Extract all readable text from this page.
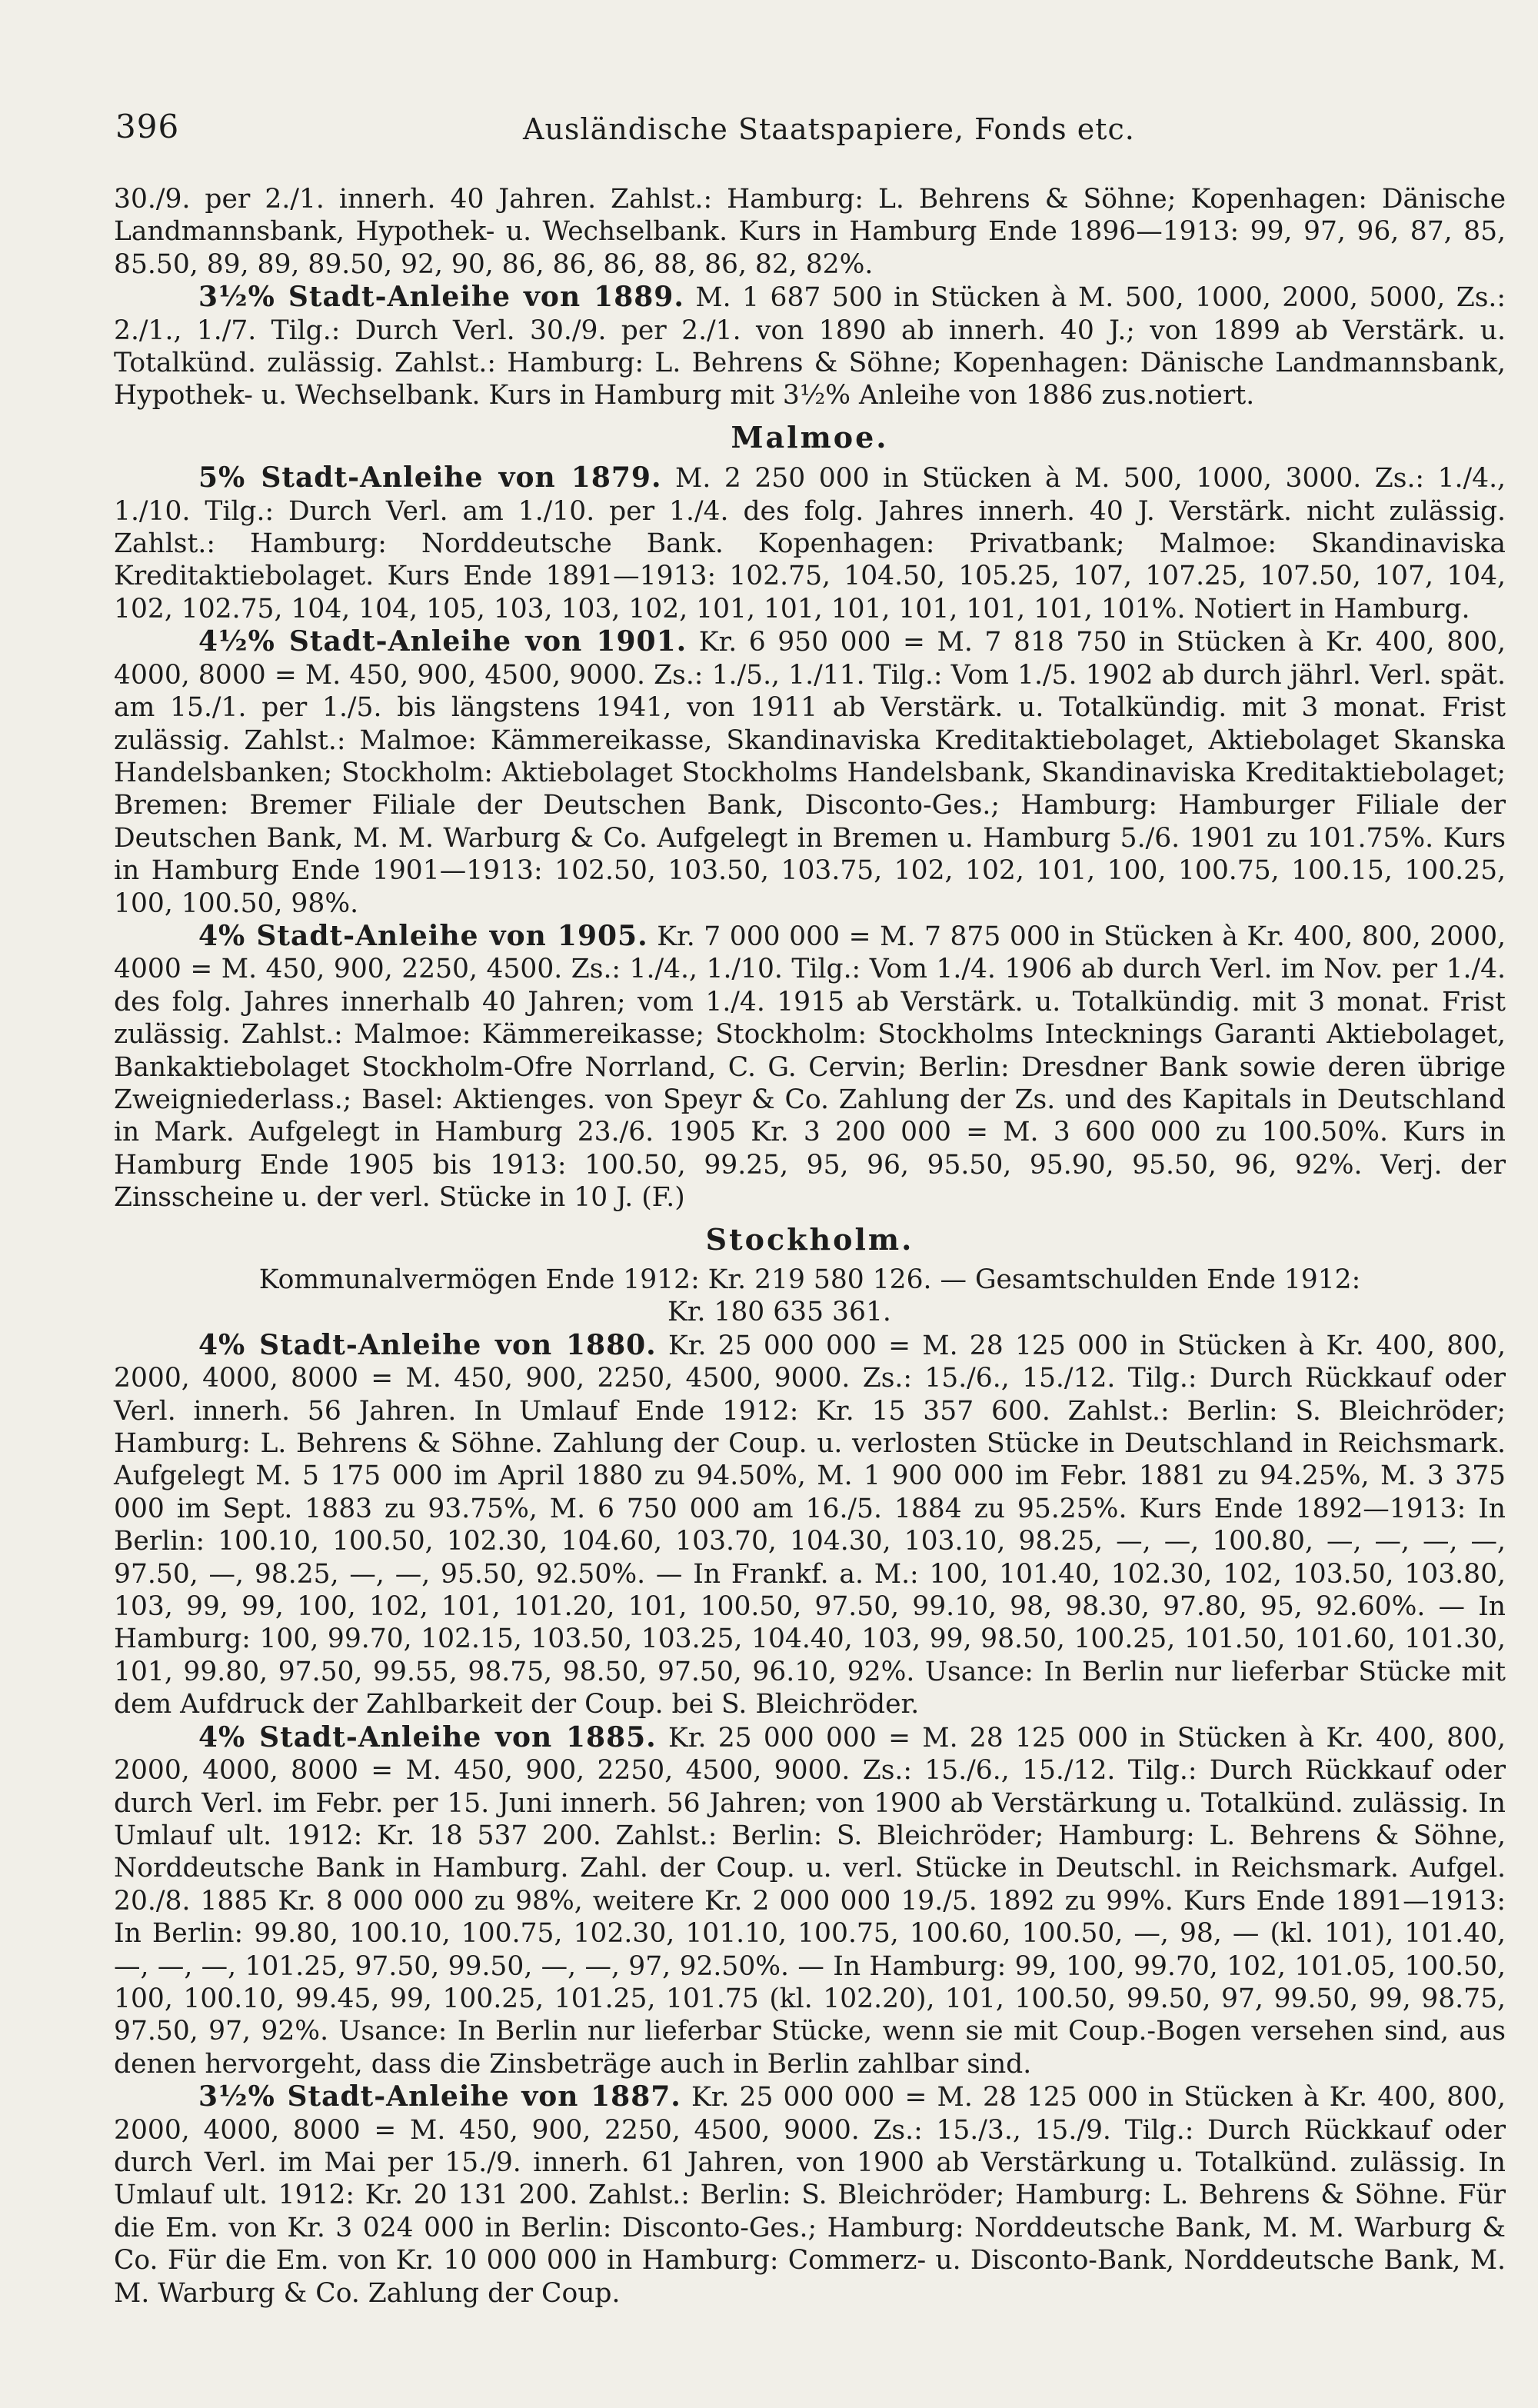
396	Ausländische Staatspapiere, Fonds etc.

30./9. per 2./1. innerh. 40 Jahren. Zahlst.: Hamburg: L. Behrens & Söhne; Kopenhagen: Dänische Landmannsbank, Hypothek- u. Wechselbank. Kurs in Hamburg Ende 1896—1913: 99, 97, 96, 87, 85, 85.50, 89, 89, 89.50, 92, 90, 86, 86, 86, 88, 86, 82, 82%.

3½% Stadt-Anleihe von 1889. M. 1 687 500 in Stücken à M. 500, 1000, 2000, 5000, Zs.: 2./1., 1./7. Tilg.: Durch Verl. 30./9. per 2./1. von 1890 ab innerh. 40 J.; von 1899 ab Verstärk. u. Totalkünd. zulässig. Zahlst.: Hamburg: L. Behrens & Söhne; Kopenhagen: Dänische Landmannsbank, Hypothek- u. Wechselbank. Kurs in Hamburg mit 3½% Anleihe von 1886 zus.notiert.

Malmoe.

5% Stadt-Anleihe von 1879. M. 2 250 000 in Stücken à M. 500, 1000, 3000. Zs.: 1./4., 1./10. Tilg.: Durch Verl. am 1./10. per 1./4. des folg. Jahres innerh. 40 J. Verstärk. nicht zulässig. Zahlst.: Hamburg: Norddeutsche Bank. Kopenhagen: Privatbank; Malmoe: Skandinaviska Kreditaktiebolaget. Kurs Ende 1891—1913: 102.75, 104.50, 105.25, 107, 107.25, 107.50, 107, 104, 102, 102.75, 104, 104, 105, 103, 103, 102, 101, 101, 101, 101, 101, 101, 101%. Notiert in Hamburg.

4½% Stadt-Anleihe von 1901. Kr. 6 950 000 = M. 7 818 750 in Stücken à Kr. 400, 800, 4000, 8000 = M. 450, 900, 4500, 9000. Zs.: 1./5., 1./11. Tilg.: Vom 1./5. 1902 ab durch jährl. Verl. spät. am 15./1. per 1./5. bis längstens 1941, von 1911 ab Verstärk. u. Totalkündig. mit 3 monat. Frist zulässig. Zahlst.: Malmoe: Kämmereikasse, Skandinaviska Kreditaktiebolaget, Aktiebolaget Skanska Handelsbanken; Stockholm: Aktiebolaget Stockholms Handelsbank, Skandinaviska Kreditaktiebolaget; Bremen: Bremer Filiale der Deutschen Bank, Disconto-Ges.; Hamburg: Hamburger Filiale der Deutschen Bank, M. M. Warburg & Co. Aufgelegt in Bremen u. Hamburg 5./6. 1901 zu 101.75%. Kurs in Hamburg Ende 1901—1913: 102.50, 103.50, 103.75, 102, 102, 101, 100, 100.75, 100.15, 100.25, 100, 100.50, 98%.

4% Stadt-Anleihe von 1905. Kr. 7 000 000 = M. 7 875 000 in Stücken à Kr. 400, 800, 2000, 4000 = M. 450, 900, 2250, 4500. Zs.: 1./4., 1./10. Tilg.: Vom 1./4. 1906 ab durch Verl. im Nov. per 1./4. des folg. Jahres innerhalb 40 Jahren; vom 1./4. 1915 ab Verstärk. u. Totalkündig. mit 3 monat. Frist zulässig. Zahlst.: Malmoe: Kämmereikasse; Stockholm: Stockholms Intecknings Garanti Aktiebolaget, Bankaktiebolaget Stockholm-Ofre Norrland, C. G. Cervin; Berlin: Dresdner Bank sowie deren übrige Zweigniederlass.; Basel: Aktienges. von Speyr & Co. Zahlung der Zs. und des Kapitals in Deutschland in Mark. Aufgelegt in Hamburg 23./6. 1905 Kr. 3 200 000 = M. 3 600 000 zu 100.50%. Kurs in Hamburg Ende 1905 bis 1913: 100.50, 99.25, 95, 96, 95.50, 95.90, 95.50, 96, 92%. Verj. der Zinsscheine u. der verl. Stücke in 10 J. (F.)

Stockholm.
Kommunalvermögen Ende 1912: Kr. 219 580 126. — Gesamtschulden Ende 1912:
Kr. 180 635 361.

4% Stadt-Anleihe von 1880. Kr. 25 000 000 = M. 28 125 000 in Stücken à Kr. 400, 800, 2000, 4000, 8000 = M. 450, 900, 2250, 4500, 9000. Zs.: 15./6., 15./12. Tilg.: Durch Rückkauf oder Verl. innerh. 56 Jahren. In Umlauf Ende 1912: Kr. 15 357 600. Zahlst.: Berlin: S. Bleichröder; Hamburg: L. Behrens & Söhne. Zahlung der Coup. u. verlosten Stücke in Deutschland in Reichsmark. Aufgelegt M. 5 175 000 im April 1880 zu 94.50%, M. 1 900 000 im Febr. 1881 zu 94.25%, M. 3 375 000 im Sept. 1883 zu 93.75%, M. 6 750 000 am 16./5. 1884 zu 95.25%. Kurs Ende 1892—1913: In Berlin: 100.10, 100.50, 102.30, 104.60, 103.70, 104.30, 103.10, 98.25, —, —, 100.80, —, —, —, —, 97.50, —, 98.25, —, —, 95.50, 92.50%. — In Frankf. a. M.: 100, 101.40, 102.30, 102, 103.50, 103.80, 103, 99, 99, 100, 102, 101, 101.20, 101, 100.50, 97.50, 99.10, 98, 98.30, 97.80, 95, 92.60%. — In Hamburg: 100, 99.70, 102.15, 103.50, 103.25, 104.40, 103, 99, 98.50, 100.25, 101.50, 101.60, 101.30, 101, 99.80, 97.50, 99.55, 98.75, 98.50, 97.50, 96.10, 92%. Usance: In Berlin nur lieferbar Stücke mit dem Aufdruck der Zahlbarkeit der Coup. bei S. Bleichröder.

4% Stadt-Anleihe von 1885. Kr. 25 000 000 = M. 28 125 000 in Stücken à Kr. 400, 800, 2000, 4000, 8000 = M. 450, 900, 2250, 4500, 9000. Zs.: 15./6., 15./12. Tilg.: Durch Rückkauf oder durch Verl. im Febr. per 15. Juni innerh. 56 Jahren; von 1900 ab Verstärkung u. Totalkünd. zulässig. In Umlauf ult. 1912: Kr. 18 537 200. Zahlst.: Berlin: S. Bleichröder; Hamburg: L. Behrens & Söhne, Norddeutsche Bank in Hamburg. Zahl. der Coup. u. verl. Stücke in Deutschl. in Reichsmark. Aufgel. 20./8. 1885 Kr. 8 000 000 zu 98%, weitere Kr. 2 000 000 19./5. 1892 zu 99%. Kurs Ende 1891—1913: In Berlin: 99.80, 100.10, 100.75, 102.30, 101.10, 100.75, 100.60, 100.50, —, 98, — (kl. 101), 101.40, —, —, —, 101.25, 97.50, 99.50, —, —, 97, 92.50%. — In Hamburg: 99, 100, 99.70, 102, 101.05, 100.50, 100, 100.10, 99.45, 99, 100.25, 101.25, 101.75 (kl. 102.20), 101, 100.50, 99.50, 97, 99.50, 99, 98.75, 97.50, 97, 92%. Usance: In Berlin nur lieferbar Stücke, wenn sie mit Coup.-Bogen versehen sind, aus denen hervorgeht, dass die Zinsbeträge auch in Berlin zahlbar sind.

3½% Stadt-Anleihe von 1887. Kr. 25 000 000 = M. 28 125 000 in Stücken à Kr. 400, 800, 2000, 4000, 8000 = M. 450, 900, 2250, 4500, 9000. Zs.: 15./3., 15./9. Tilg.: Durch Rückkauf oder durch Verl. im Mai per 15./9. innerh. 61 Jahren, von 1900 ab Verstärkung u. Totalkünd. zulässig. In Umlauf ult. 1912: Kr. 20 131 200. Zahlst.: Berlin: S. Bleichröder; Hamburg: L. Behrens & Söhne. Für die Em. von Kr. 3 024 000 in Berlin: Disconto-Ges.; Hamburg: Norddeutsche Bank, M. M. Warburg & Co. Für die Em. von Kr. 10 000 000 in Hamburg: Commerz- u. Disconto-Bank, Norddeutsche Bank, M. M. Warburg & Co. Zahlung der Coup.
